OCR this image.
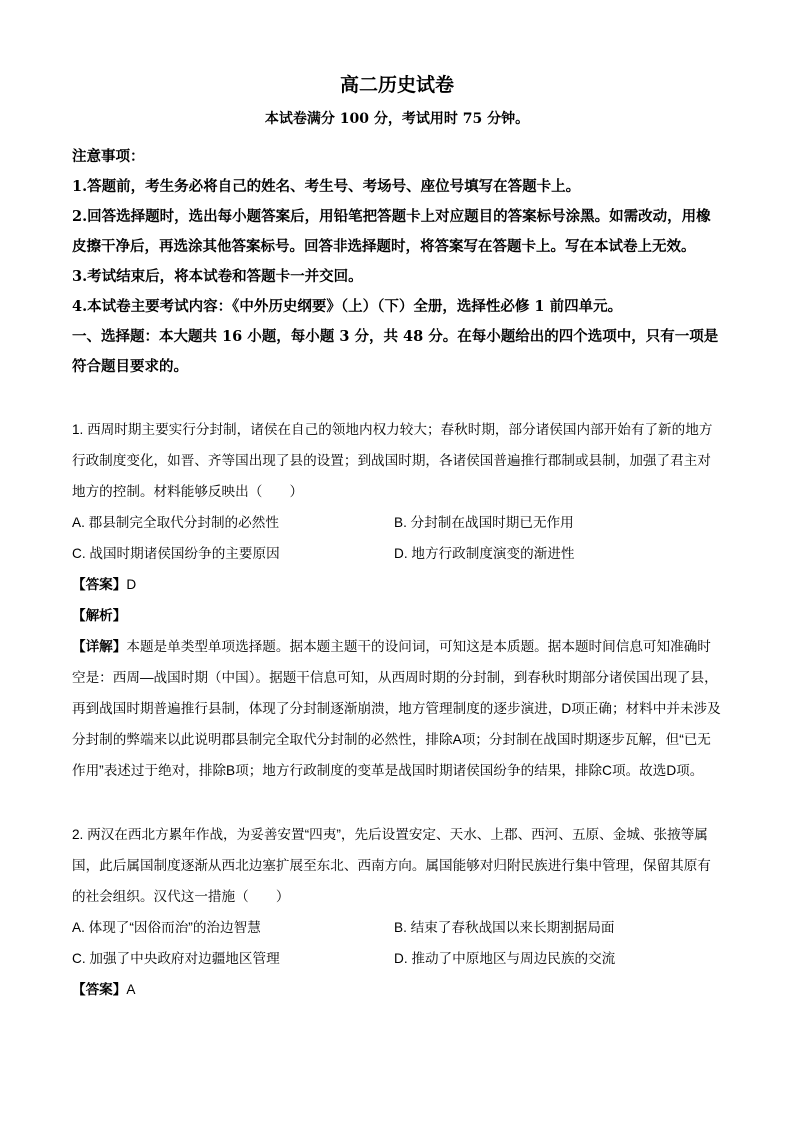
高二历史试卷
本试卷满分 100 分，考试用时 75 分钟。

注意事项：

1.答题前，考生务必将自己的姓名、考生号、考场号、座位号填写在答题卡上。

2.回答选择题时，选出每小题答案后，用铅笔把答题卡上对应题目的答案标号涂黑。如需改动，用橡皮擦干净后，再选涂其他答案标号。回答非选择题时，将答案写在答题卡上。写在本试卷上无效。

3.考试结束后，将本试卷和答题卡一并交回。

4.本试卷主要考试内容：《中外历史纲要》（上）（下）全册，选择性必修 1 前四单元。

一、选择题：本大题共 16 小题，每小题 3 分，共 48 分。在每小题给出的四个选项中，只有一项是符合题目要求的。

1. 西周时期主要实行分封制，诸侯在自己的领地内权力较大；春秋时期，部分诸侯国内部开始有了新的地方行政制度变化，如晋、齐等国出现了县的设置；到战国时期，各诸侯国普遍推行郡制或县制，加强了君主对地方的控制。材料能够反映出（　　）

A. 郡县制完全取代分封制的必然性	B. 分封制在战国时期已无作用
C. 战国时期诸侯国纷争的主要原因	D. 地方行政制度演变的渐进性

【答案】D

【解析】

【详解】本题是单类型单项选择题。据本题主题干的设问词，可知这是本质题。据本题时间信息可知准确时空是：西周—战国时期（中国）。据题干信息可知，从西周时期的分封制，到春秋时期部分诸侯国出现了县，再到战国时期普遍推行县制，体现了分封制逐渐崩溃，地方管理制度的逐步演进，D项正确；材料中并未涉及分封制的弊端来以此说明郡县制完全取代分封制的必然性，排除A项；分封制在战国时期逐步瓦解，但“已无作用”表述过于绝对，排除B项；地方行政制度的变革是战国时期诸侯国纷争的结果，排除C项。故选D项。

2. 两汉在西北方累年作战，为妥善安置“四夷”，先后设置安定、天水、上郡、西河、五原、金城、张掖等属国，此后属国制度逐渐从西北边塞扩展至东北、西南方向。属国能够对归附民族进行集中管理，保留其原有的社会组织。汉代这一措施（　　）

A. 体现了“因俗而治”的治边智慧	B. 结束了春秋战国以来长期割据局面
C. 加强了中央政府对边疆地区管理	D. 推动了中原地区与周边民族的交流

【答案】A
